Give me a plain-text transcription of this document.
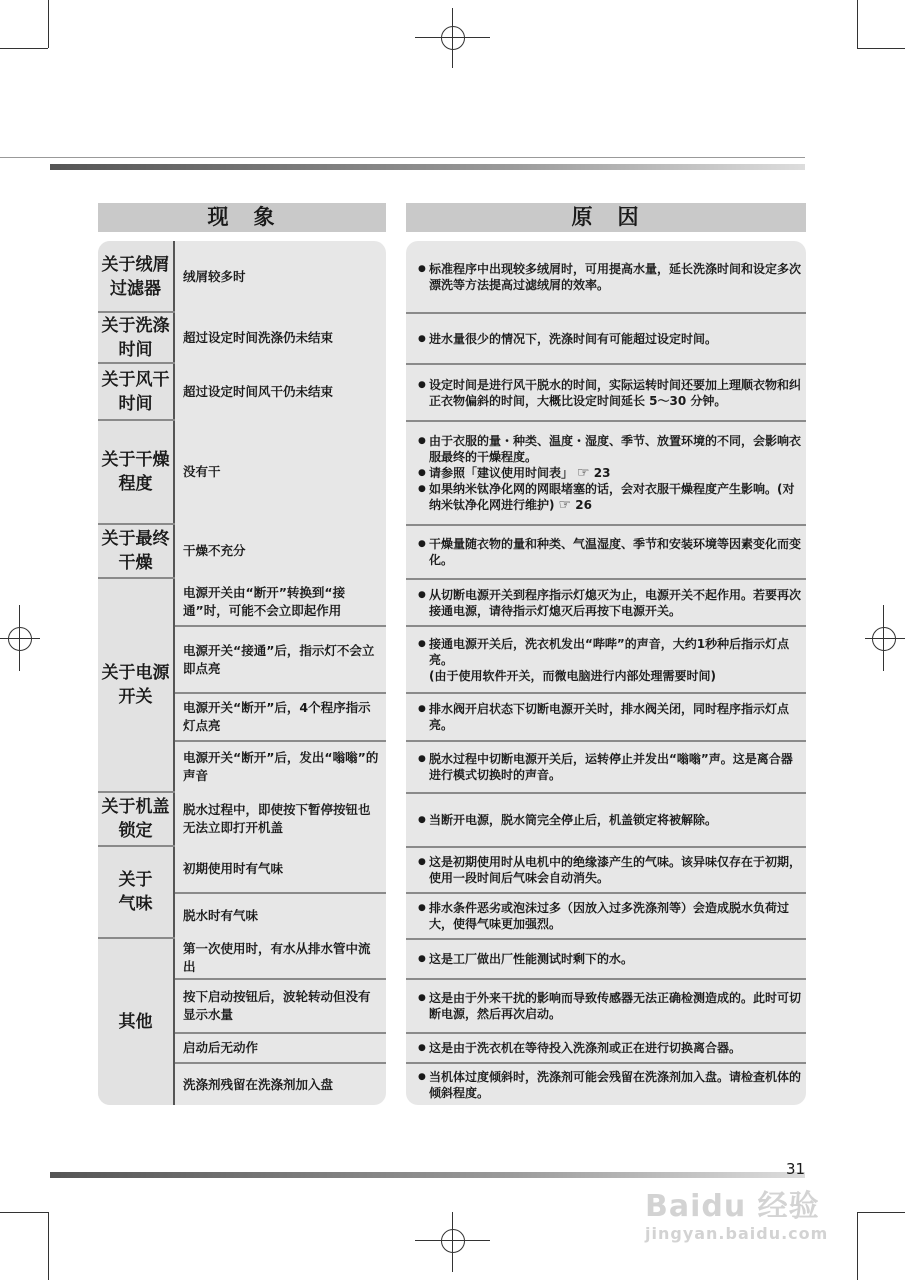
现　象	原　因
绒屑较多时
关于绒屑过滤器
超过设定时间洗涤仍未结束
关于洗涤时间
超过设定时间风干仍未结束
关于风干时间
没有干
关于干燥程度
干燥不充分
关于最终干燥
电源开关由“断开”转换到“接通”时，可能不会立即起作用
电源开关“接通”后，指示灯不会立即点亮
电源开关“断开”后，4个程序指示灯点亮
电源开关“断开”后，发出“嗡嗡”的声音
关于电源开关
脱水过程中，即使按下暂停按钮也无法立即打开机盖
关于机盖锁定
初期使用时有气味
脱水时有气味
关于气味
第一次使用时，有水从排水管中流出
按下启动按钮后，波轮转动但没有显示水量
启动后无动作
洗涤剂残留在洗涤剂加入盘
其他
● 标准程序中出现较多绒屑时，可用提高水量，延长洗涤时间和设定多次漂洗等方法提高过滤绒屑的效率。
● 进水量很少的情况下，洗涤时间有可能超过设定时间。
● 设定时间是进行风干脱水的时间，实际运转时间还要加上理顺衣物和纠正衣物偏斜的时间，大概比设定时间延长 5～30 分钟。
● 由于衣服的量・种类、温度・湿度、季节、放置环境的不同，会影响衣服最终的干燥程度。
● 请参照「建议使用时间表」 ☞ 23
● 如果纳米钛净化网的网眼堵塞的话，会对衣服干燥程度产生影响。(对纳米钛净化网进行维护) ☞ 26
● 干燥量随衣物的量和种类、气温湿度、季节和安装环境等因素变化而变化。
● 从切断电源开关到程序指示灯熄灭为止，电源开关不起作用。若要再次接通电源，请待指示灯熄灭后再按下电源开关。
● 接通电源开关后，洗衣机发出“哔哔”的声音，大约1秒种后指示灯点亮。
(由于使用软件开关，而微电脑进行内部处理需要时间)
● 排水阀开启状态下切断电源开关时，排水阀关闭，同时程序指示灯点亮。
● 脱水过程中切断电源开关后，运转停止并发出“嗡嗡”声。这是离合器进行模式切换时的声音。
● 当断开电源，脱水筒完全停止后，机盖锁定将被解除。
● 这是初期使用时从电机中的绝缘漆产生的气味。该异味仅存在于初期，使用一段时间后气味会自动消失。
● 排水条件恶劣或泡沫过多（因放入过多洗涤剂等）会造成脱水负荷过大，使得气味更加强烈。
● 这是工厂做出厂性能测试时剩下的水。
● 这是由于外来干扰的影响而导致传感器无法正确检测造成的。此时可切断电源，然后再次启动。
● 这是由于洗衣机在等待投入洗涤剂或正在进行切换离合器。
● 当机体过度倾斜时，洗涤剂可能会残留在洗涤剂加入盘。请检查机体的倾斜程度。
31
Baidu 经验
jingyan.baidu.com
